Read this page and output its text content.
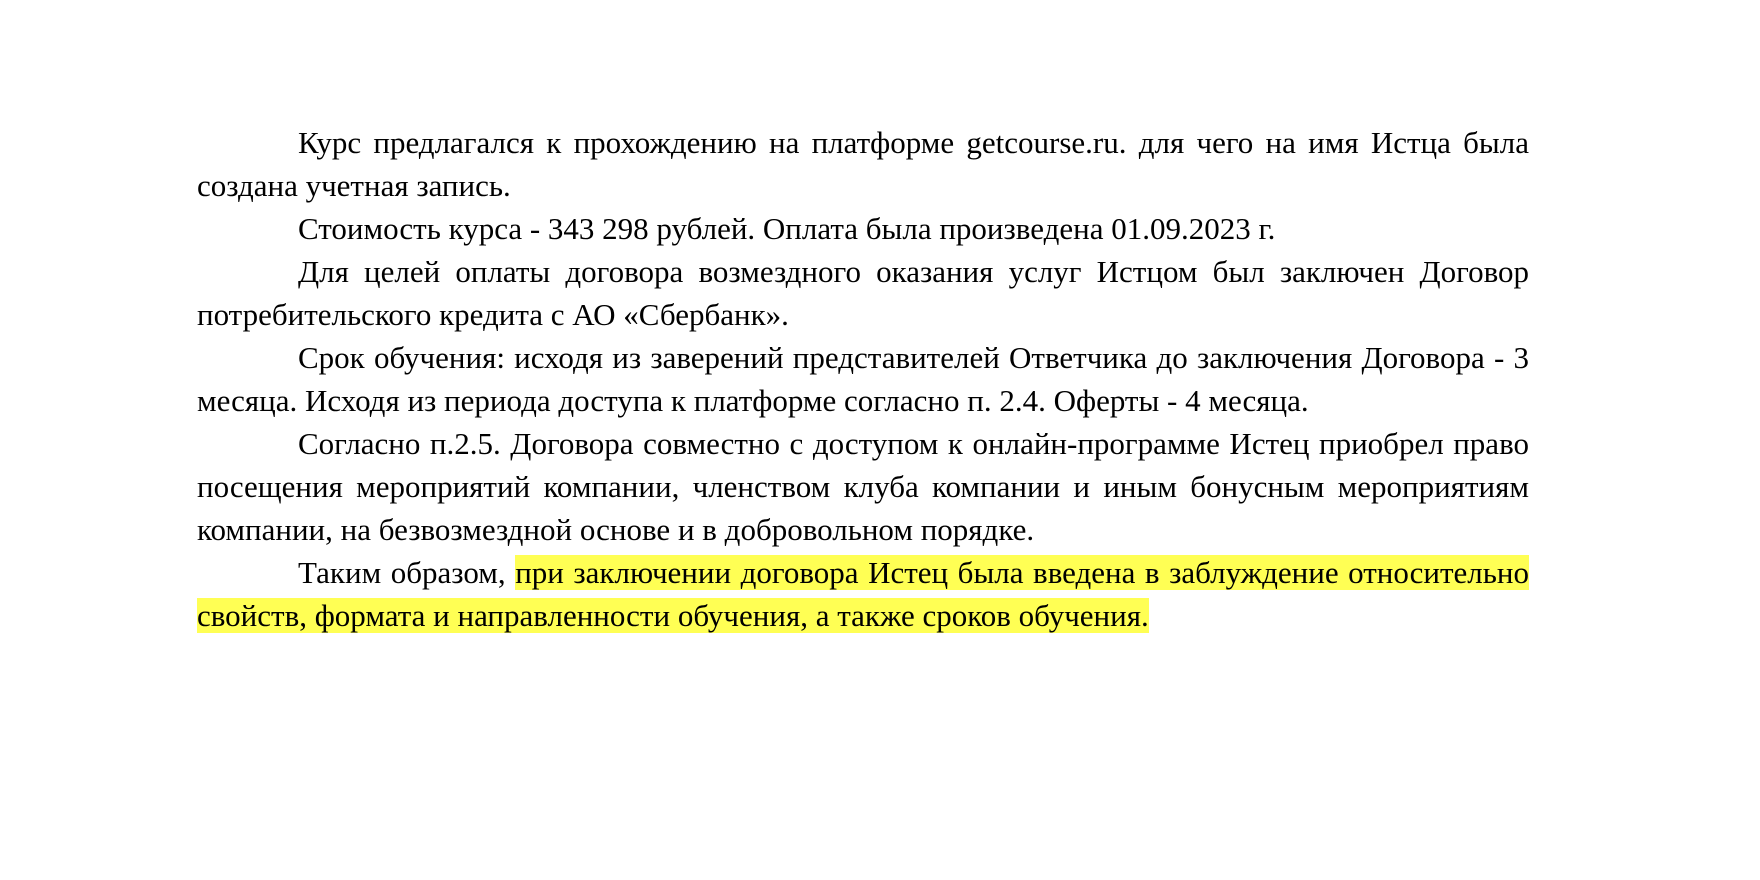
Курс предлагался к прохождению на платформе getcourse.ru. для чего на имя Истца была создана учетная запись.

Стоимость курса - 343 298 рублей. Оплата была произведена 01.09.2023 г.

Для целей оплаты договора возмездного оказания услуг Истцом был заключен Договор потребительского кредита с АО «Сбербанк».

Срок обучения: исходя из заверений представителей Ответчика до заключения Договора - 3 месяца. Исходя из периода доступа к платформе согласно п. 2.4. Оферты - 4 месяца.

Согласно п.2.5. Договора совместно с доступом к онлайн-программе Истец приобрел право посещения мероприятий компании, членством клуба компании и иным бонусным мероприятиям компании, на безвозмездной основе и в добровольном порядке.

Таким образом, при заключении договора Истец была введена в заблуждение относительно свойств, формата и направленности обучения, а также сроков обучения.
